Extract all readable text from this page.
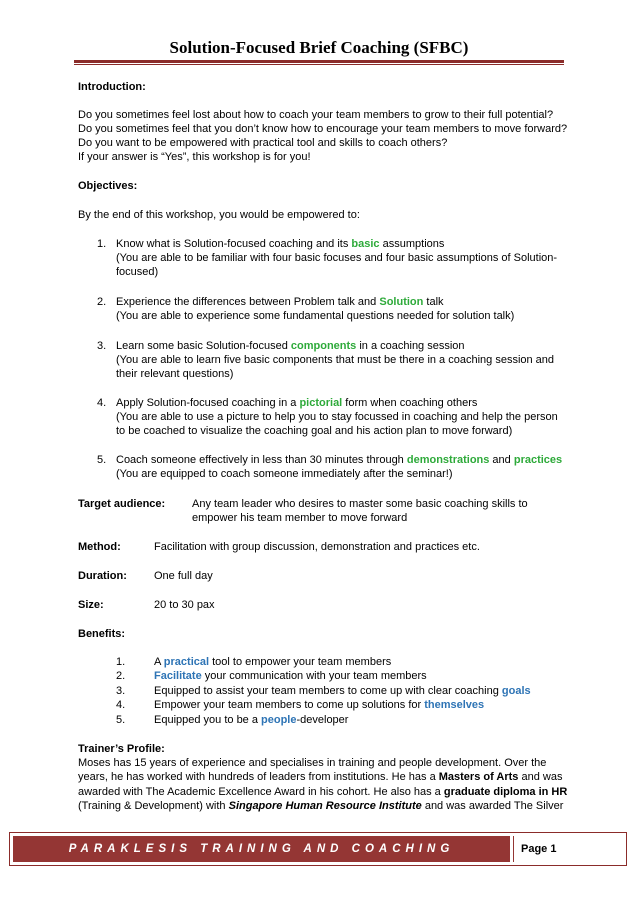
Solution-Focused Brief Coaching (SFBC)
Introduction:
Do you sometimes feel lost about how to coach your team members to grow to their full potential?
Do you sometimes feel that you don’t know how to encourage your team members to move forward?
Do you want to be empowered with practical tool and skills to coach others?
If your answer is “Yes”, this workshop is for you!
Objectives:
By the end of this workshop, you would be empowered to:
1. Know what is Solution-focused coaching and its basic assumptions
(You are able to be familiar with four basic focuses and four basic assumptions of Solution-
focused)
2. Experience the differences between Problem talk and Solution talk
(You are able to experience some fundamental questions needed for solution talk)
3. Learn some basic Solution-focused components in a coaching session
(You are able to learn five basic components that must be there in a coaching session and
their relevant questions)
4. Apply Solution-focused coaching in a pictorial form when coaching others
(You are able to use a picture to help you to stay focussed in coaching and help the person
to be coached to visualize the coaching goal and his action plan to move forward)
5. Coach someone effectively in less than 30 minutes through demonstrations and practices
(You are equipped to coach someone immediately after the seminar!)
Target audience: Any team leader who desires to master some basic coaching skills to
empower his team member to move forward
Method:	Facilitation with group discussion, demonstration and practices etc.
Duration: One full day
Size:	20 to 30 pax
Benefits:
1.	A practical tool to empower your team members
2.	Facilitate your communication with your team members
3.	Equipped to assist your team members to come up with clear coaching goals
4.	Empower your team members to come up solutions for themselves
5.	Equipped you to be a people-developer
Trainer’s Profile:
Moses has 15 years of experience and specialises in training and people development. Over the
years, he has worked with hundreds of leaders from institutions. He has a Masters of Arts and was
awarded with The Academic Excellence Award in his cohort. He also has a graduate diploma in HR
(Training & Development) with Singapore Human Resource Institute and was awarded The Silver
PARAKLESIS TRAINING AND COACHING	Page 1
